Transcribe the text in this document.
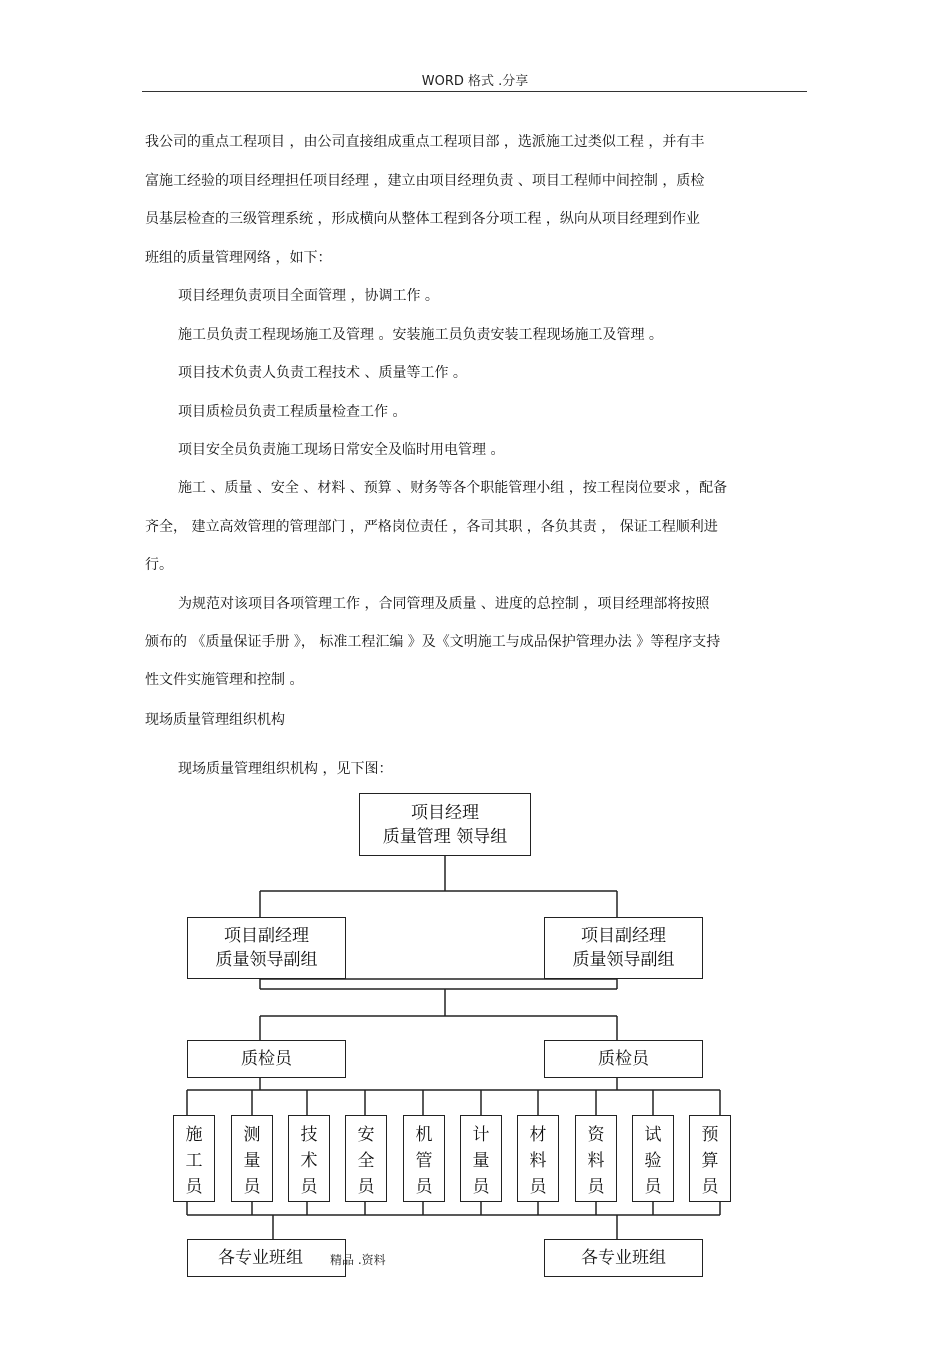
WORD 格式 .分享
我公司的重点工程项目 ，由公司直接组成重点工程项目部 ，选派施工过类似工程 ，并有丰
富施工经验的项目经理担任项目经理 ，建立由项目经理负责 、项目工程师中间控制 ，质检
员基层检查的三级管理系统 ，形成横向从整体工程到各分项工程 ，纵向从项目经理到作业
班组的质量管理网络 ，如下：
项目经理负责项目全面管理 ，协调工作 。
施工员负责工程现场施工及管理 。安装施工员负责安装工程现场施工及管理 。
项目技术负责人负责工程技术 、质量等工作 。
项目质检员负责工程质量检查工作 。
项目安全员负责施工现场日常安全及临时用电管理 。
施工 、质量 、安全 、材料 、预算 、财务等各个职能管理小组 ，按工程岗位要求 ，配备
齐全， 建立高效管理的管理部门 ，严格岗位责任 ，各司其职 ，各负其责 ， 保证工程顺利进
行。
为规范对该项目各项管理工作 ，合同管理及质量 、进度的总控制 ，项目经理部将按照
颁布的 《质量保证手册 》， 标准工程汇编 》及《文明施工与成品保护管理办法 》等程序支持
性文件实施管理和控制 。
现场质量管理组织机构
现场质量管理组织机构 ，见下图：
项目经理
质量管理 领导组
项目副经理
质量领导副组
项目副经理
质量领导副组
质检员	质检员
施
工
员
测
量
员
技
术
员
安
全
员
机
管
员
计
量
员
材
料
员
资
料
员
试
验
员
预
算
员
各专业班组	各专业班组
精品 .资料
